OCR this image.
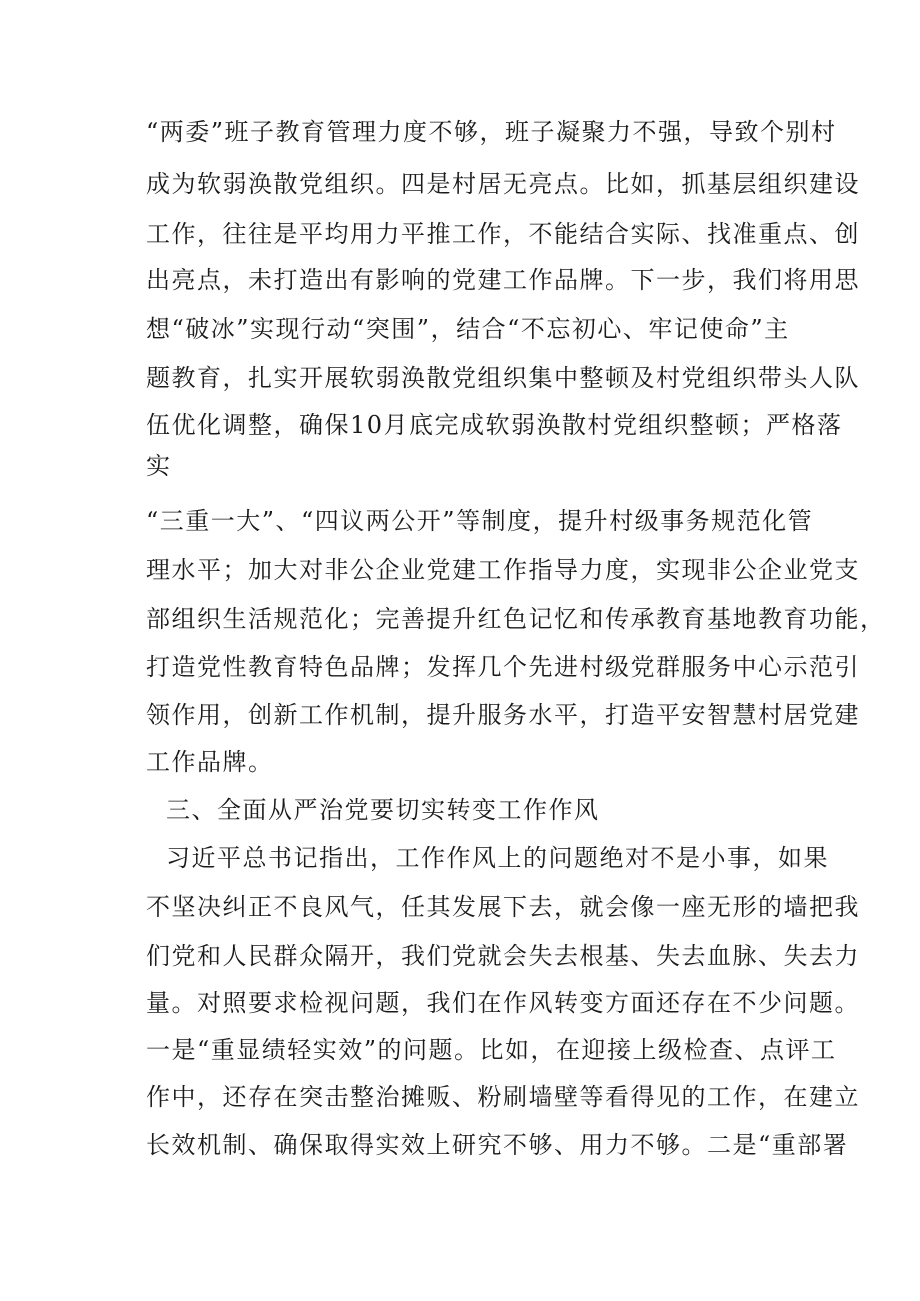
“两委”班子教育管理力度不够，班子凝聚力不强，导致个别村
成为软弱涣散党组织。四是村居无亮点。比如，抓基层组织建设
工作，往往是平均用力平推工作，不能结合实际、找准重点、创
出亮点，未打造出有影响的党建工作品牌。下一步，我们将用思
想“破冰”实现行动“突围”，结合“不忘初心、牢记使命”主
题教育，扎实开展软弱涣散党组织集中整顿及村党组织带头人队
伍优化调整，确保10月底完成软弱涣散村党组织整顿；严格落
实
“三重一大”、“四议两公开”等制度，提升村级事务规范化管
理水平；加大对非公企业党建工作指导力度，实现非公企业党支
部组织生活规范化；完善提升红色记忆和传承教育基地教育功能，
打造党性教育特色品牌；发挥几个先进村级党群服务中心示范引
领作用，创新工作机制，提升服务水平，打造平安智慧村居党建
工作品牌。
三、全面从严治党要切实转变工作作风
习近平总书记指出，工作作风上的问题绝对不是小事，如果
不坚决纠正不良风气，任其发展下去，就会像一座无形的墙把我
们党和人民群众隔开，我们党就会失去根基、失去血脉、失去力
量。对照要求检视问题，我们在作风转变方面还存在不少问题。
一是“重显绩轻实效”的问题。比如，在迎接上级检查、点评工
作中，还存在突击整治摊贩、粉刷墙壁等看得见的工作，在建立
长效机制、确保取得实效上研究不够、用力不够。二是“重部署
